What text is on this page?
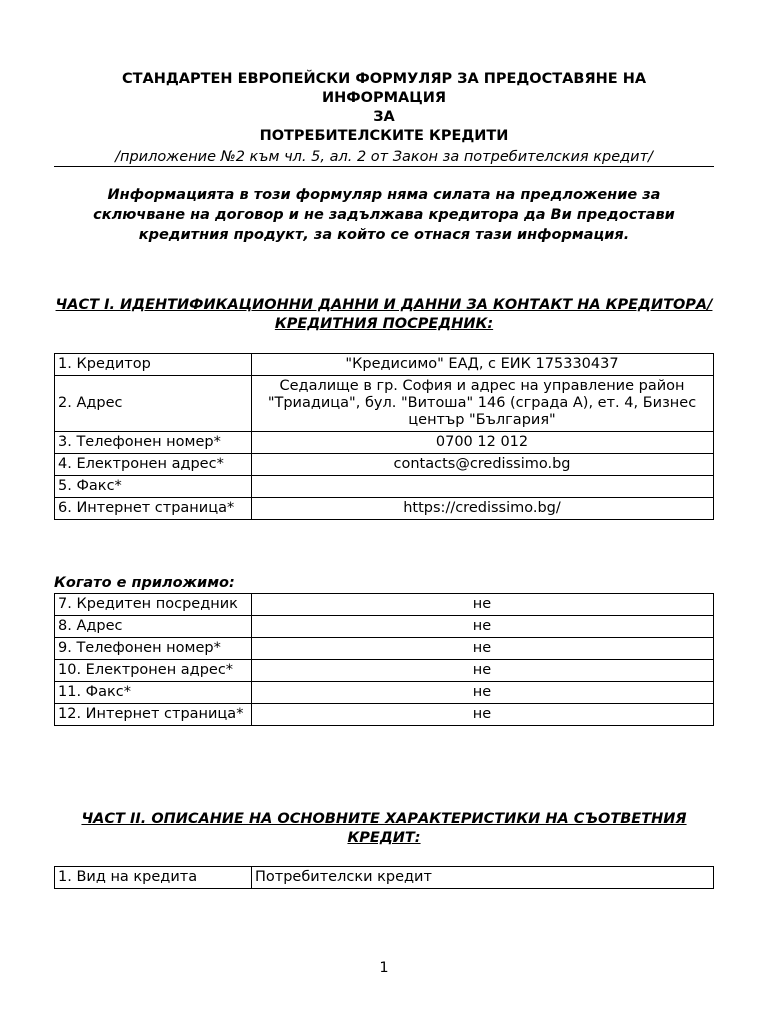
СТАНДАРТЕН ЕВРОПЕЙСКИ ФОРМУЛЯР ЗА ПРЕДОСТАВЯНЕ НА
ИНФОРМАЦИЯ
ЗА
ПОТРЕБИТЕЛСКИТЕ КРЕДИТИ
/приложение №2 към чл. 5, ал. 2 от Закон за потребителския кредит/
Информацията в този формуляр няма силата на предложение за сключване на договор и не задължава кредитора да Ви предостави кредитния продукт, за който се отнася тази информация.
ЧАСТ I. ИДЕНТИФИКАЦИОННИ ДАННИ И ДАННИ ЗА КОНТАКТ НА КРЕДИТОРА/КРЕДИТНИЯ ПОСРЕДНИК:
1. Кредитор	"Кредисимо" ЕАД, с ЕИК 175330437
2. Адрес	Седалище в гр. София и адрес на управление район "Триадица", бул. "Витоша" 146 (сграда А), ет. 4, Бизнес център "България"
3. Телефонен номер*	0700 12 012
4. Електронен адрес*	contacts@credissimo.bg
5. Факс*	
6. Интернет страница*	https://credissimo.bg/
Когато е приложимо:
7. Кредитен посредник	не
8. Адрес	не
9. Телефонен номер*	не
10. Електронен адрес*	не
11. Факс*	не
12. Интернет страница*	не
ЧАСТ II. ОПИСАНИЕ НА ОСНОВНИТЕ ХАРАКТЕРИСТИКИ НА СЪОТВЕТНИЯ КРЕДИТ:
1. Вид на кредита	Потребителски кредит
1
